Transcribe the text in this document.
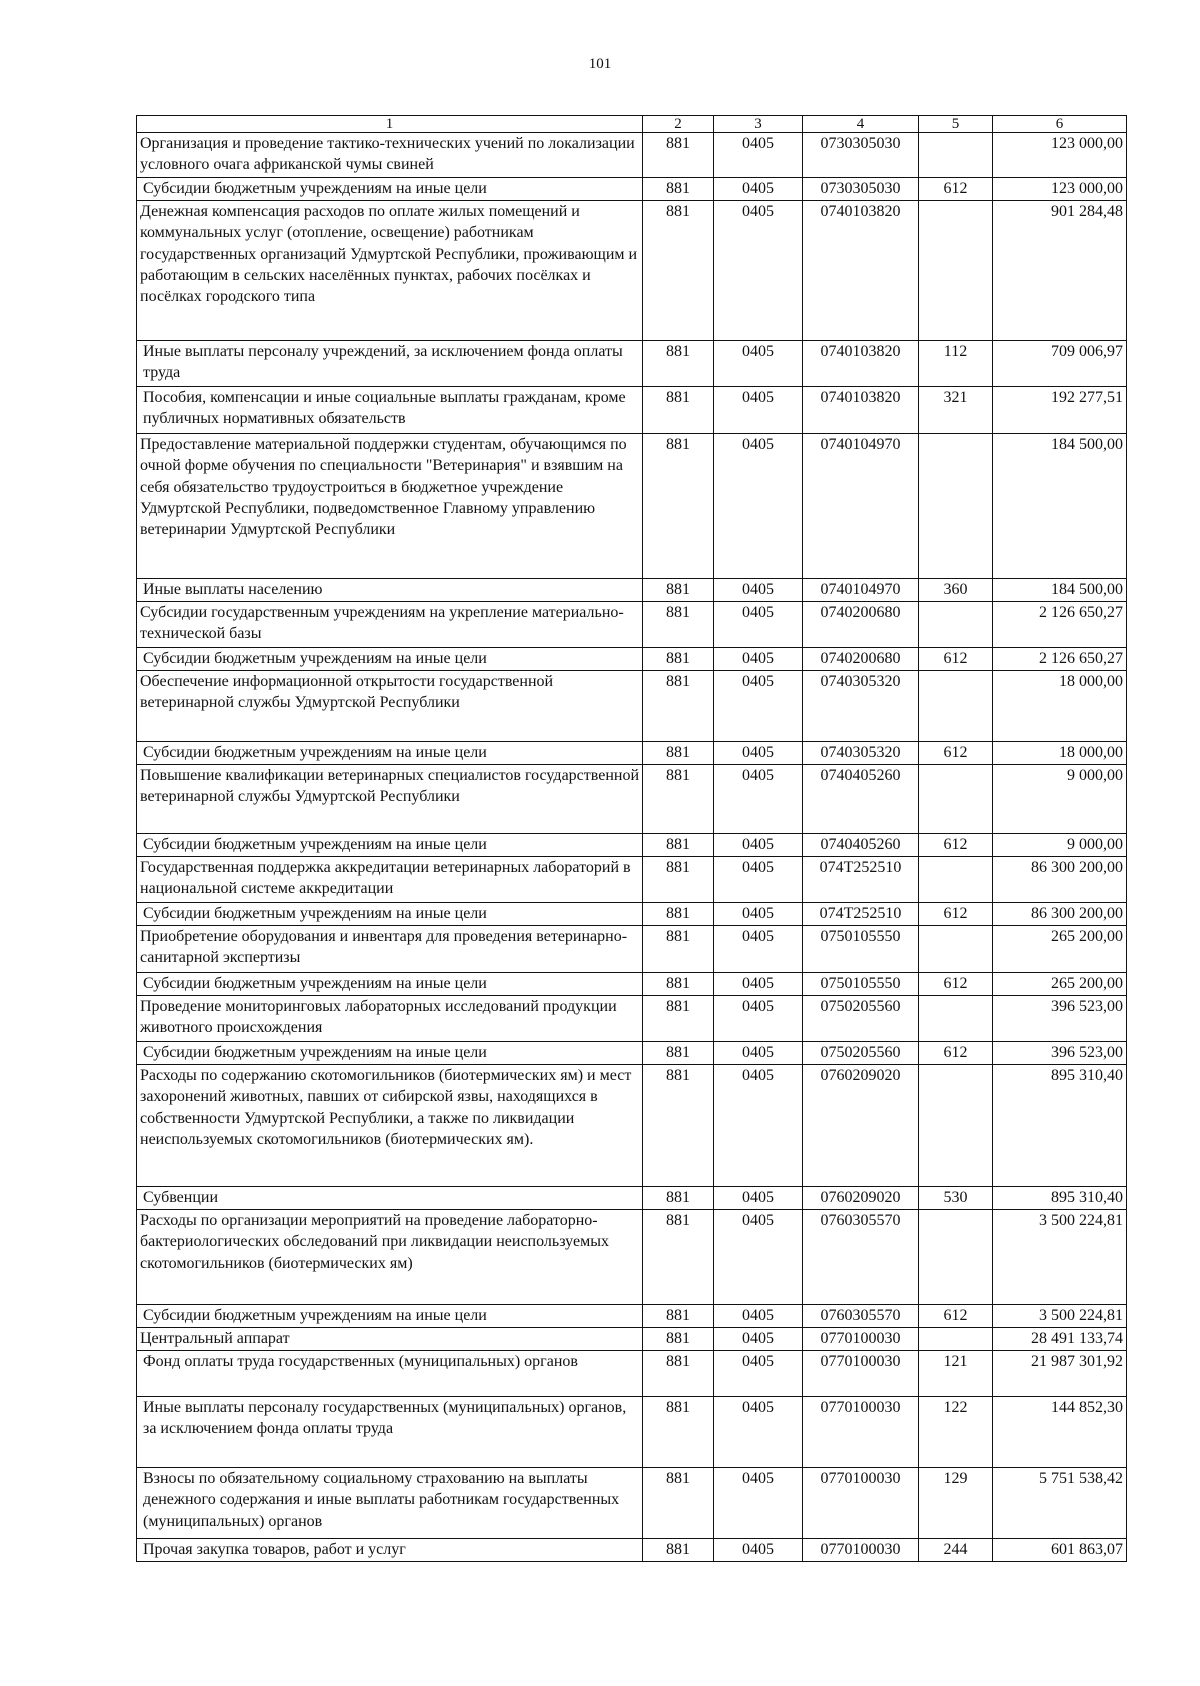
101
1	2	3	4	5	6
Организация и проведение тактико-технических учений по локализации условного очага африканской чумы свиней	881	0405	0730305030		123 000,00
Субсидии бюджетным учреждениям на иные цели	881	0405	0730305030	612	123 000,00
Денежная компенсация расходов по оплате жилых помещений и коммунальных услуг (отопление, освещение) работникам государственных организаций Удмуртской Республики, проживающим и работающим в сельских населённых пунктах, рабочих посёлках и посёлках городского типа	881	0405	0740103820		901 284,48
Иные выплаты персоналу учреждений, за исключением фонда оплаты труда	881	0405	0740103820	112	709 006,97
Пособия, компенсации и иные социальные выплаты гражданам, кроме публичных нормативных обязательств	881	0405	0740103820	321	192 277,51
Предоставление материальной поддержки студентам, обучающимся по очной форме обучения по специальности "Ветеринария" и взявшим на себя обязательство трудоустроиться в бюджетное учреждение Удмуртской Республики, подведомственное Главному управлению ветеринарии Удмуртской Республики	881	0405	0740104970		184 500,00
Иные выплаты населению	881	0405	0740104970	360	184 500,00
Субсидии государственным учреждениям на укрепление материально-технической базы	881	0405	0740200680		2 126 650,27
Субсидии бюджетным учреждениям на иные цели	881	0405	0740200680	612	2 126 650,27
Обеспечение информационной открытости государственной ветеринарной службы Удмуртской Республики	881	0405	0740305320		18 000,00
Субсидии бюджетным учреждениям на иные цели	881	0405	0740305320	612	18 000,00
Повышение квалификации ветеринарных специалистов государственной ветеринарной службы Удмуртской Республики	881	0405	0740405260		9 000,00
Субсидии бюджетным учреждениям на иные цели	881	0405	0740405260	612	9 000,00
Государственная поддержка аккредитации ветеринарных лабораторий в национальной системе аккредитации	881	0405	074T252510		86 300 200,00
Субсидии бюджетным учреждениям на иные цели	881	0405	074T252510	612	86 300 200,00
Приобретение оборудования и инвентаря для проведения ветеринарно-санитарной экспертизы	881	0405	0750105550		265 200,00
Субсидии бюджетным учреждениям на иные цели	881	0405	0750105550	612	265 200,00
Проведение мониторинговых лабораторных исследований продукции животного происхождения	881	0405	0750205560		396 523,00
Субсидии бюджетным учреждениям на иные цели	881	0405	0750205560	612	396 523,00
Расходы по содержанию скотомогильников (биотермических ям) и мест захоронений животных, павших от сибирской язвы, находящихся в собственности Удмуртской Республики, а также по ликвидации неиспользуемых скотомогильников (биотермических ям).	881	0405	0760209020		895 310,40
Субвенции	881	0405	0760209020	530	895 310,40
Расходы по организации мероприятий на проведение лабораторно-бактериологических обследований при ликвидации неиспользуемых скотомогильников (биотермических ям)	881	0405	0760305570		3 500 224,81
Субсидии бюджетным учреждениям на иные цели	881	0405	0760305570	612	3 500 224,81
Центральный аппарат	881	0405	0770100030		28 491 133,74
Фонд оплаты труда государственных (муниципальных) органов	881	0405	0770100030	121	21 987 301,92
Иные выплаты персоналу государственных (муниципальных) органов, за исключением фонда оплаты труда	881	0405	0770100030	122	144 852,30
Взносы по обязательному социальному страхованию на выплаты денежного содержания и иные выплаты работникам государственных (муниципальных) органов	881	0405	0770100030	129	5 751 538,42
Прочая закупка товаров, работ и услуг	881	0405	0770100030	244	601 863,07
